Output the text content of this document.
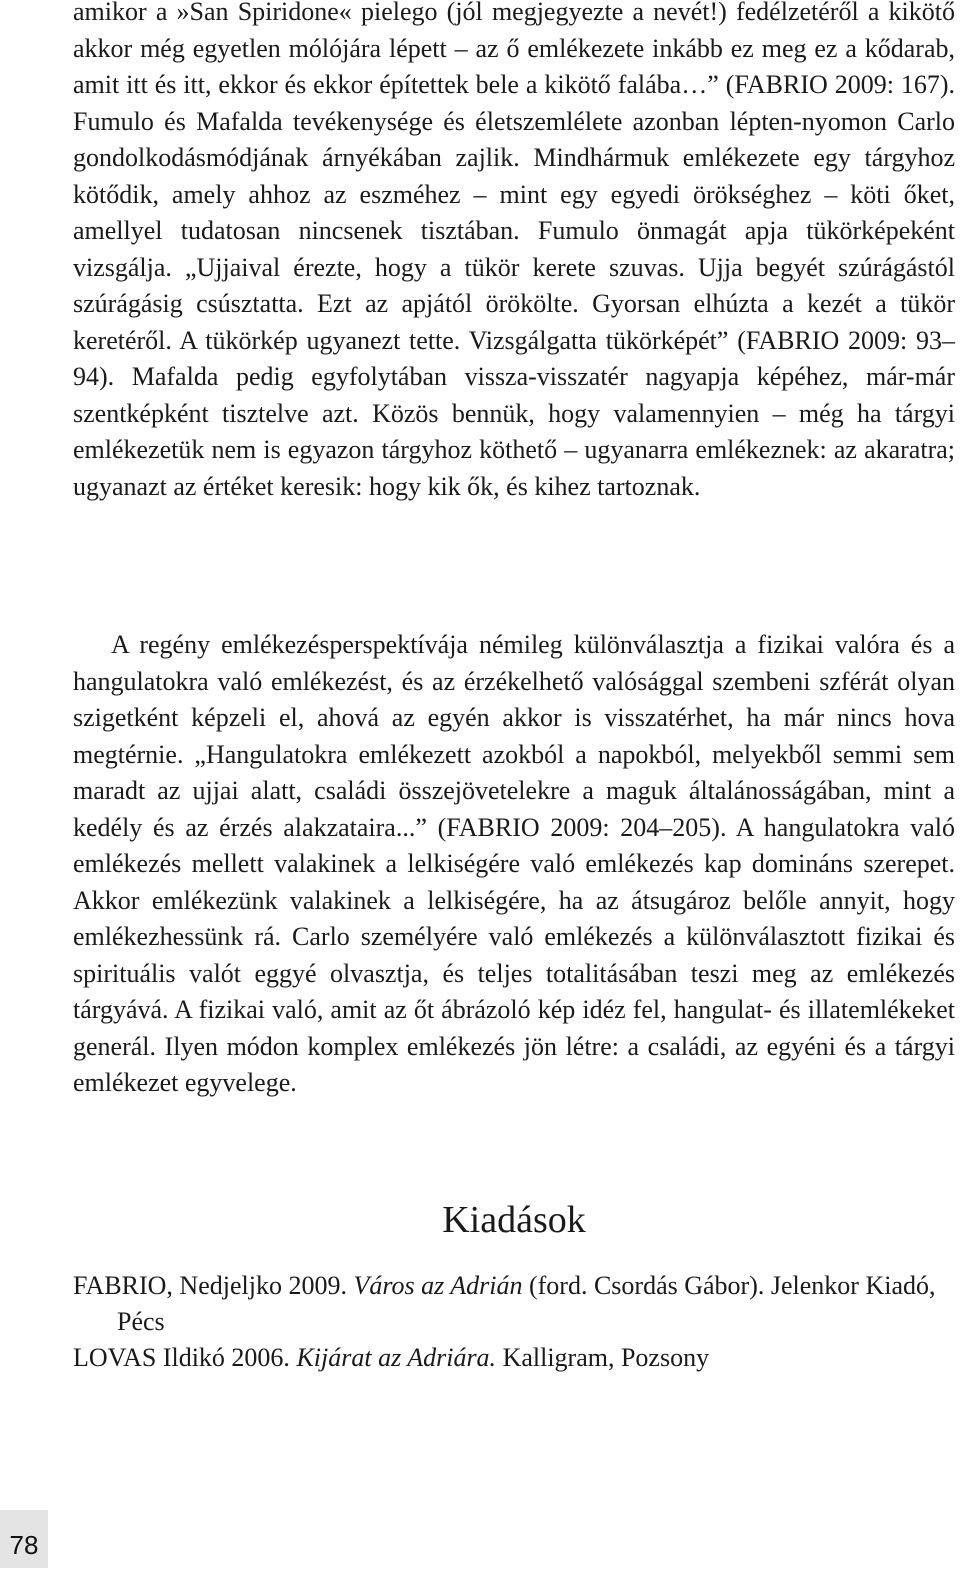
amikor a »San Spiridone« pielego (jól megjegyezte a nevét!) fedélzetéről a kikötő akkor még egyetlen mólójára lépett – az ő emlékezete inkább ez meg ez a kődarab, amit itt és itt, ekkor és ekkor építettek bele a kikötő falába…” (FABRIO 2009: 167). Fumulo és Mafalda tevékenysége és életszemlélete azonban lépten-nyomon Carlo gondolkodásmódjának árnyékában zajlik. Mindhármuk emlékezete egy tárgyhoz kötődik, amely ahhoz az eszméhez – mint egy egyedi örökséghez – köti őket, amellyel tudatosan nincsenek tisztában. Fumulo önmagát apja tükörképeként vizsgálja. „Ujjaival érezte, hogy a tükör kerete szuvas. Ujja begyét szúrágástól szúrágásig csúsztatta. Ezt az apjától örökölte. Gyorsan elhúzta a kezét a tükör keretéről. A tükörkép ugyanezt tette. Vizsgálgatta tükörképét” (FABRIO 2009: 93–94). Mafalda pedig egyfolytában vissza-visszatér nagyapja képéhez, már-már szentképként tisztelve azt. Közös bennük, hogy valamennyien – még ha tárgyi emlékezetük nem is egyazon tárgyhoz köthető – ugyanarra emlékeznek: az akaratra; ugyanazt az értéket keresik: hogy kik ők, és kihez tartoznak.

A regény emlékezésperspektívája némileg különválasztja a fizikai valóra és a hangulatokra való emlékezést, és az érzékelhető valósággal szembeni szférát olyan szigetként képzeli el, ahová az egyén akkor is visszatérhet, ha már nincs hova megtérnie. „Hangulatokra emlékezett azokból a napokból, melyekből semmi sem maradt az ujjai alatt, családi összejövetelekre a maguk általánosságában, mint a kedély és az érzés alakzataira...” (FABRIO 2009: 204–205). A hangulatokra való emlékezés mellett valakinek a lelkiségére való emlékezés kap domináns szerepet. Akkor emlékezünk valakinek a lelkiségére, ha az átsugároz belőle annyit, hogy emlékezhessünk rá. Carlo személyére való emlékezés a különválasztott fizikai és spirituális valót eggyé olvasztja, és teljes totalitásában teszi meg az emlékezés tárgyává. A fizikai való, amit az őt ábrázoló kép idéz fel, hangulat- és illatemlékeket generál. Ilyen módon komplex emlékezés jön létre: a családi, az egyéni és a tárgyi emlékezet egyvelege.

Kiadások

FABRIO, Nedjeljko 2009. Város az Adrián (ford. Csordás Gábor). Jelenkor Kiadó, Pécs

LOVAS Ildikó 2006. Kijárat az Adriára. Kalligram, Pozsony

78
